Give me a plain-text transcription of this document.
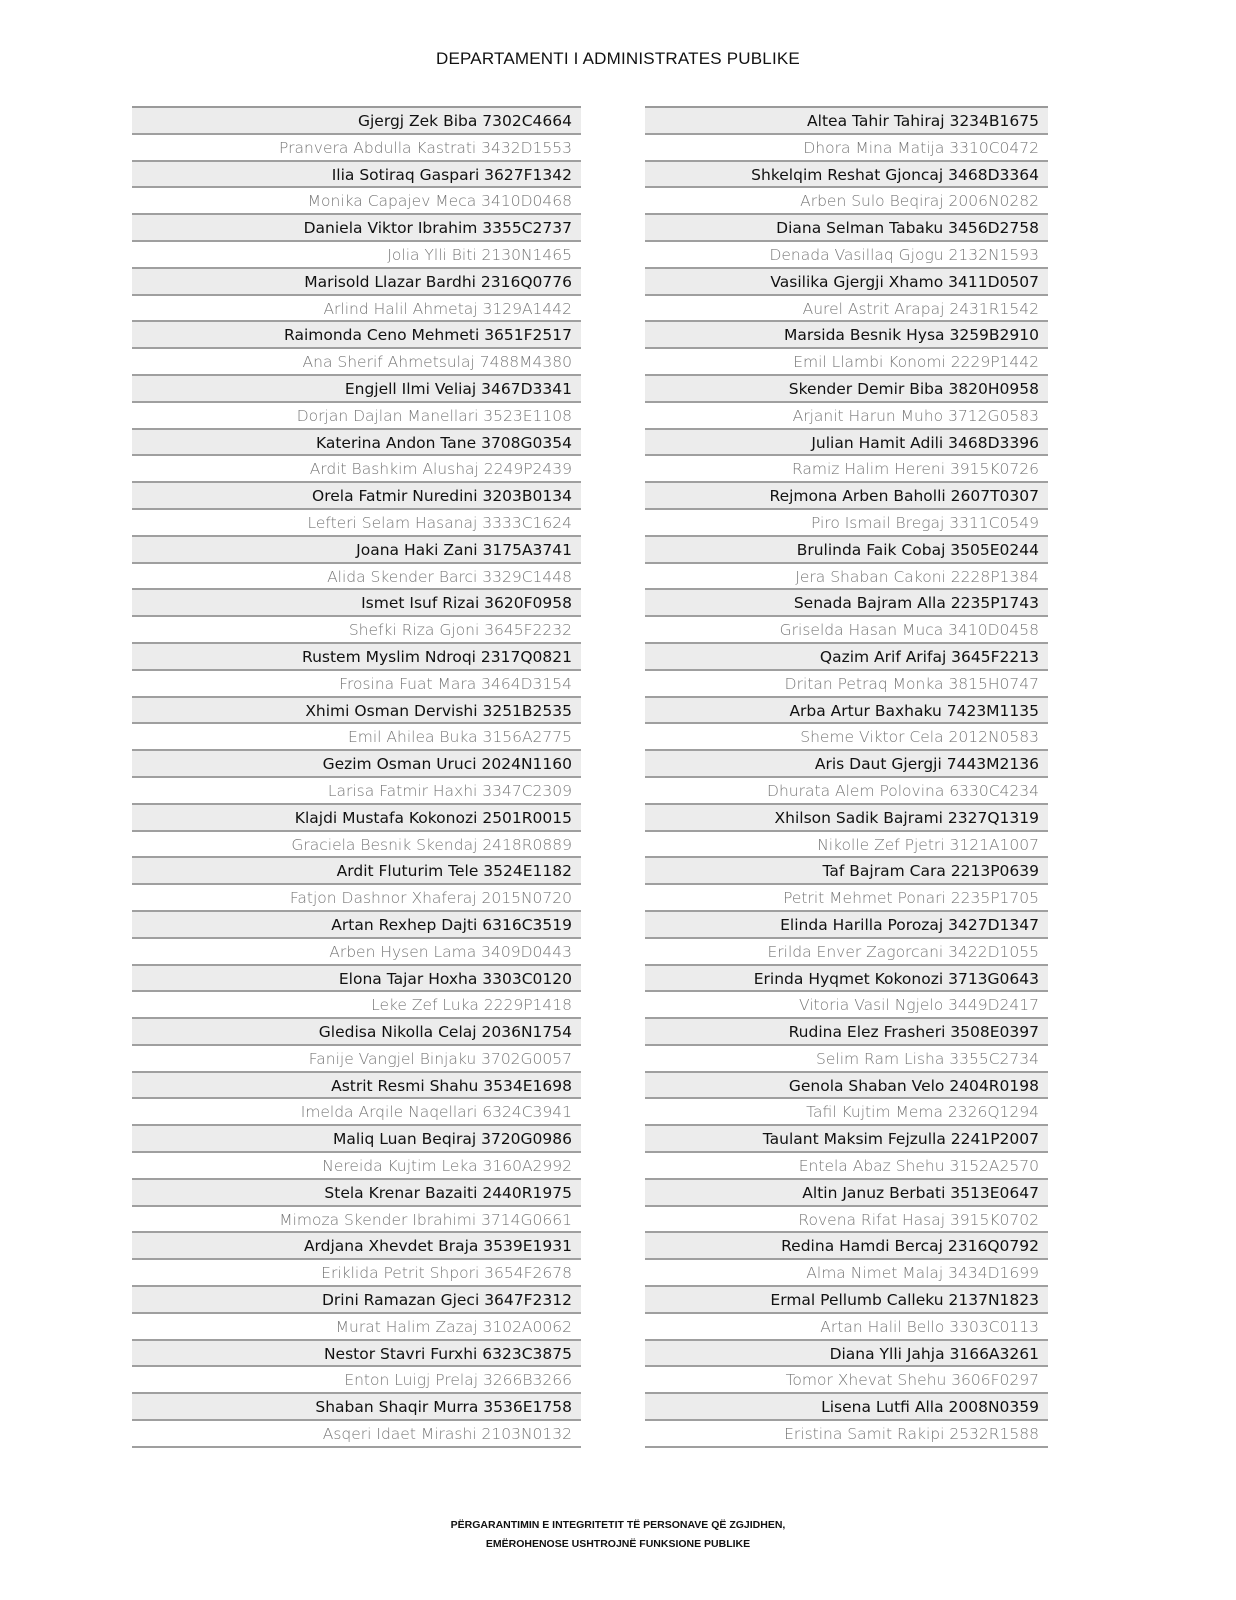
DEPARTAMENTI I ADMINISTRATES PUBLIKE
Gjergj Zek Biba 7302C4664
Pranvera Abdulla Kastrati 3432D1553
Ilia Sotiraq Gaspari 3627F1342
Monika Capajev Meca 3410D0468
Daniela Viktor Ibrahim 3355C2737
Jolia Ylli Biti 2130N1465
Marisold Llazar Bardhi 2316Q0776
Arlind Halil Ahmetaj 3129A1442
Raimonda Ceno Mehmeti 3651F2517
Ana Sherif Ahmetsulaj 7488M4380
Engjell Ilmi Veliaj 3467D3341
Dorjan Dajlan Manellari 3523E1108
Katerina Andon Tane 3708G0354
Ardit Bashkim Alushaj 2249P2439
Orela Fatmir Nuredini 3203B0134
Lefteri Selam Hasanaj 3333C1624
Joana Haki Zani 3175A3741
Alida Skender Barci 3329C1448
Ismet Isuf Rizai 3620F0958
Shefki Riza Gjoni 3645F2232
Rustem Myslim Ndroqi 2317Q0821
Frosina Fuat Mara 3464D3154
Xhimi Osman Dervishi 3251B2535
Emil Ahilea Buka 3156A2775
Gezim Osman Uruci 2024N1160
Larisa Fatmir Haxhi 3347C2309
Klajdi Mustafa Kokonozi 2501R0015
Graciela Besnik Skendaj 2418R0889
Ardit Fluturim Tele 3524E1182
Fatjon Dashnor Xhaferaj 2015N0720
Artan Rexhep Dajti 6316C3519
Arben Hysen Lama 3409D0443
Elona Tajar Hoxha 3303C0120
Leke Zef Luka 2229P1418
Gledisa Nikolla Celaj 2036N1754
Fanije Vangjel Binjaku 3702G0057
Astrit Resmi Shahu 3534E1698
Imelda Arqile Naqellari 6324C3941
Maliq Luan Beqiraj 3720G0986
Nereida Kujtim Leka 3160A2992
Stela Krenar Bazaiti 2440R1975
Mimoza Skender Ibrahimi 3714G0661
Ardjana Xhevdet Braja 3539E1931
Eriklida Petrit Shpori 3654F2678
Drini Ramazan Gjeci 3647F2312
Murat Halim Zazaj 3102A0062
Nestor Stavri Furxhi 6323C3875
Enton Luigj Prelaj 3266B3266
Shaban Shaqir Murra 3536E1758
Asqeri Idaet Mirashi 2103N0132
Altea Tahir Tahiraj 3234B1675
Dhora Mina Matija 3310C0472
Shkelqim Reshat Gjoncaj 3468D3364
Arben Sulo Beqiraj 2006N0282
Diana Selman Tabaku 3456D2758
Denada Vasillaq Gjogu 2132N1593
Vasilika Gjergji Xhamo 3411D0507
Aurel Astrit Arapaj 2431R1542
Marsida Besnik Hysa 3259B2910
Emil Llambi Konomi 2229P1442
Skender Demir Biba 3820H0958
Arjanit Harun Muho 3712G0583
Julian Hamit Adili 3468D3396
Ramiz Halim Hereni 3915K0726
Rejmona Arben Baholli 2607T0307
Piro Ismail Bregaj 3311C0549
Brulinda Faik Cobaj 3505E0244
Jera Shaban Cakoni 2228P1384
Senada Bajram Alla 2235P1743
Griselda Hasan Muca 3410D0458
Qazim Arif Arifaj 3645F2213
Dritan Petraq Monka 3815H0747
Arba Artur Baxhaku 7423M1135
Sheme Viktor Cela 2012N0583
Aris Daut Gjergji 7443M2136
Dhurata Alem Polovina 6330C4234
Xhilson Sadik Bajrami 2327Q1319
Nikolle Zef Pjetri 3121A1007
Taf Bajram Cara 2213P0639
Petrit Mehmet Ponari 2235P1705
Elinda Harilla Porozaj 3427D1347
Erilda Enver Zagorcani 3422D1055
Erinda Hyqmet Kokonozi 3713G0643
Vitoria Vasil Ngjelo 3449D2417
Rudina Elez Frasheri 3508E0397
Selim Ram Lisha 3355C2734
Genola Shaban Velo 2404R0198
Tafil Kujtim Mema 2326Q1294
Taulant Maksim Fejzulla 2241P2007
Entela Abaz Shehu 3152A2570
Altin Januz Berbati 3513E0647
Rovena Rifat Hasaj 3915K0702
Redina Hamdi Bercaj 2316Q0792
Alma Nimet Malaj 3434D1699
Ermal Pellumb Calleku 2137N1823
Artan Halil Bello 3303C0113
Diana Ylli Jahja 3166A3261
Tomor Xhevat Shehu 3606F0297
Lisena Lutfi Alla 2008N0359
Eristina Samit Rakipi 2532R1588
PËRGARANTIMIN E INTEGRITETIT TË PERSONAVE QË ZGJIDHEN,
EMËROHENOSE USHTROJNË FUNKSIONE PUBLIKE
